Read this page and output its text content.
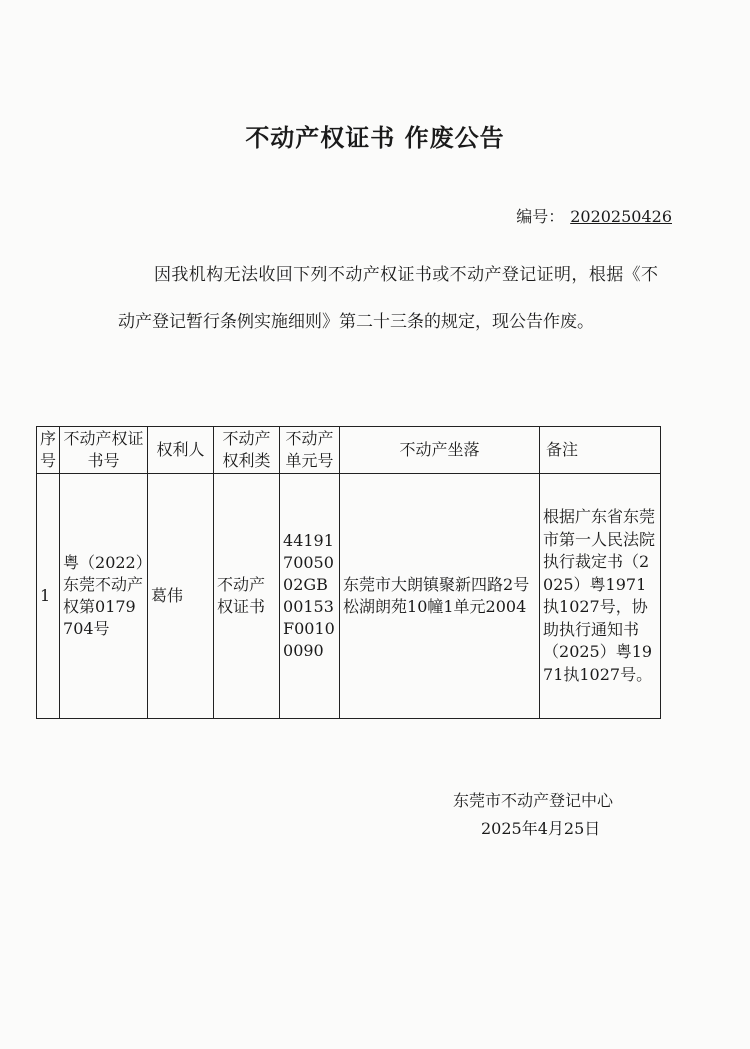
不动产权证书 作废公告
编号： 2020250426
因我机构无法收回下列不动产权证书或不动产登记证明，根据《不动产登记暂行条例实施细则》第二十三条的规定，现公告作废。
序号	不动产权证书号	权利人	不动产权利类	不动产单元号	不动产坐落	备注
1	粤（2022）东莞不动产权第0179704号	葛伟	不动产权证书	441917005002GB00153F00100090	东莞市大朗镇聚新四路2号松湖朗苑10幢1单元2004	根据广东省东莞市第一人民法院执行裁定书（2025）粤1971执1027号，协助执行通知书（2025）粤1971执1027号。
东莞市不动产登记中心
2025年4月25日
